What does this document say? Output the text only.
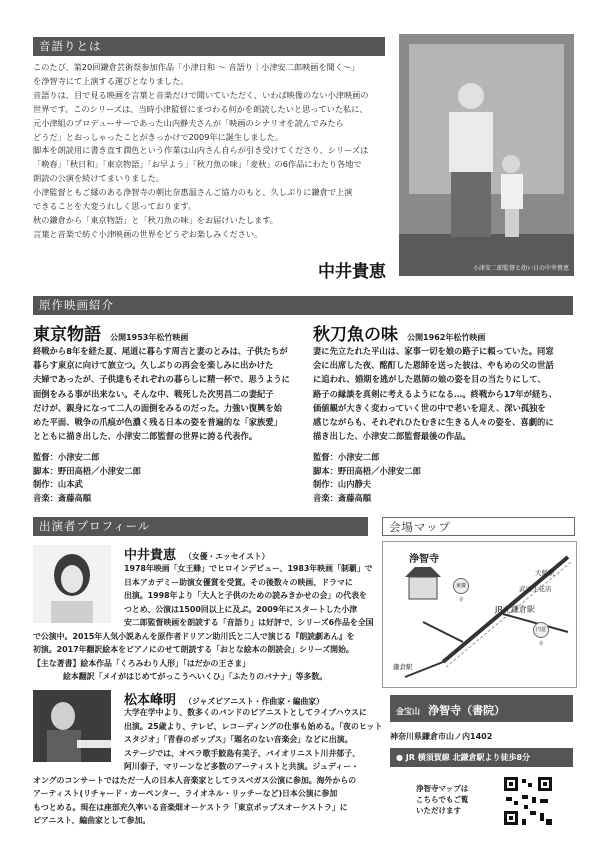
音語りとは

このたび、第20回鎌倉芸術祭参加作品「小津日和 〜 音語り｜小津安二郎映画を聞く〜」

を浄智寺にて上演する運びとなりました。

音語りは、目で見る映画を言葉と音楽だけで聞いていただく、いわば映像のない小津映画の

世界です。このシリーズは、当時小津監督にまつわる何かを朗読したいと思っていた私に、

元小津組のプロデューサーであった山内静夫さんが「映画のシナリオを読んでみたら

どうだ」とおっしゃったことがきっかけで2009年に誕生しました。

脚本を朗読用に書き直す潤色という作業は山内さん自らが引き受けてくださり、シリーズは

「晩春」「秋日和」「東京物語」「お早よう」「秋刀魚の味」「麦秋」の6作品にわたり各地で

朗読の公演を続けてまいりました。

小津監督ともご縁のある浄智寺の朝比奈惠温さんご協力のもと、久しぶりに鎌倉で上演

できることを大変うれしく思っております。

秋の鎌倉から「東京物語」と「秋刀魚の味」をお届けいたします。

言葉と音楽で紡ぐ小津映画の世界をどうぞお楽しみください。

中井貴恵	小津安二郎監督と幼い日の中井貴恵
原作映画紹介
東京物語 公開1953年松竹映画

終戦から8年を経た夏、尾道に暮らす周吉と妻のとみは、子供たちが

暮らす東京に向けて旅立つ。久しぶりの再会を楽しみに出かけた

夫婦であったが、子供達もそれぞれの暮らしに精一杯で、思うように

面倒をみる事が出来ない。そんな中、戦死した次男昌二の妻紀子

だけが、親身になって二人の面倒をみるのだった。力強い復興を始

めた平面、戦争の爪痕が色濃く残る日本の姿を普遍的な「家族愛」

とともに描き出した、小津安二郎監督の世界に誇る代表作。

監督：小津安二郎

脚本：野田高梧／小津安二郎

制作：山本武

音楽：斎藤高順

秋刀魚の味 公開1962年松竹映画

妻に先立たれた平山は、家事一切を娘の路子に頼っていた。同窓

会に出席した夜、酩酊した恩師を送った彼は、やもめの父の世話

に追われ、婚期を逃がした恩師の娘の姿を目の当たりにして、

路子の縁談を真剣に考えるようになる…。終戦から17年が経ち、

価値観が大きく変わっていく世の中で老いを迎え、深い孤独を

感じながらも、それぞれひたむきに生きる人々の姿を、喜劇的に

描き出した、小津安二郎監督最後の作品。

監督：小津安二郎

脚本：野田高梧／小津安二郎

制作：山内静夫

音楽：斎藤高順

出演者プロフィール
中井貴恵 （女優・エッセイスト）

1978年映画「女王蜂」でヒロインデビュー、1983年映画「制覇」で

日本アカデミー助演女優賞を受賞。その後数々の映画、ドラマに

出演。1998年より「大人と子供のための読みきかせの会」の代表を

つとめ、公演は1500回以上に及ぶ。2009年にスタートした小津

安二郎監督映画を朗読する「音語り」は好評で、シリーズ6作品を全国

で公演中。2015年人気小説あんを原作者ドリアン助川氏と二人で演じる『朗読劇あん』を

初演。2017年翻訳絵本をピアノにのせて朗読する「おとな絵本の朗読会」シリーズ開始。

【主な著書】絵本作品「くろみわり人形」「はだかの王さま」

絵本翻訳「メイがはじめてがっこうへいくひ」「ふたりのバナナ」等多数。

松本峰明 （ジャズピアニスト・作曲家・編曲家）

大学在学中より、数多くのバンドのピアニストとしてライブハウスに

出演。25歳より、テレビ、レコーディングの仕事も始める。「夜のヒット

スタジオ」「青春のポップス」「題名のない音楽会」などに出演。

ステージでは、オペラ歌手鮫島有美子、バイオリニスト川井郁子、

阿川泰子、マリーンなど多数のアーティストと共演。ジュディー・

オングのコンサートではただ一人の日本人音楽家としてラスベガス公演に参加。海外からの

アーティスト(リチャード・カーペンター、ライオネル・リッチーなど)日本公演に参加

もつとめる。現在は座部充久率いる音楽畑オーケストラ「東京ポップスオーケストラ」に

ピアニスト、編曲家として参加。

会場マップ
浄智寺
東慶寺
大船駅
武川生花店
JR北鎌倉駅
円覚寺
鎌倉駅
金宝山 浄智寺（書院）
神奈川県鎌倉市山ノ内1402
● JR 横須賀線 北鎌倉駅より徒歩8分
浄智寺マップは
こちらでもご覧
いただけます
